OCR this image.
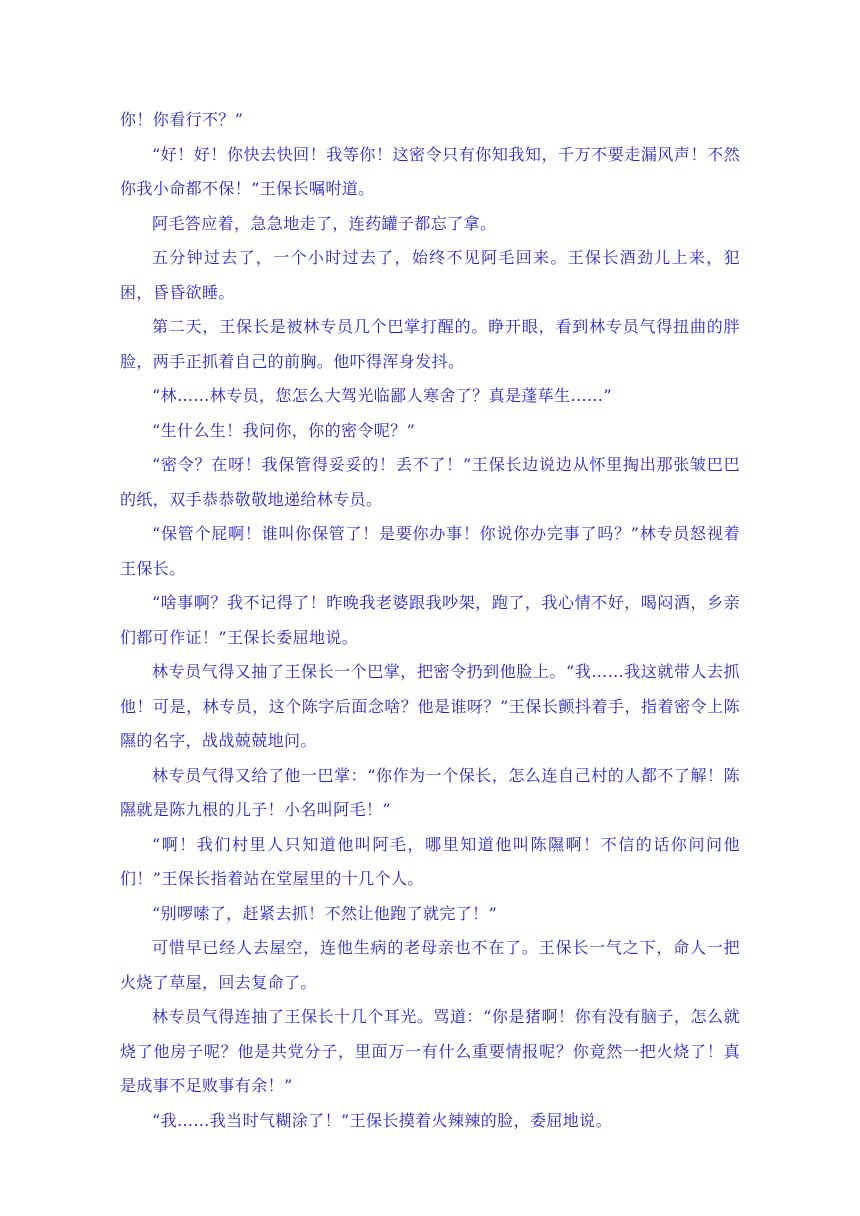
你！你看行不？”

“好！好！你快去快回！我等你！这密令只有你知我知，千万不要走漏风声！不然你我小命都不保！”王保长嘱咐道。

阿毛答应着，急急地走了，连药罐子都忘了拿。

五分钟过去了，一个小时过去了，始终不见阿毛回来。王保长酒劲儿上来，犯困，昏昏欲睡。

第二天，王保长是被林专员几个巴掌打醒的。睁开眼，看到林专员气得扭曲的胖脸，两手正抓着自己的前胸。他吓得浑身发抖。

“林……林专员，您怎么大驾光临鄙人寒舍了？真是蓬荜生……”

“生什么生！我问你，你的密令呢？”

“密令？在呀！我保管得妥妥的！丢不了！”王保长边说边从怀里掏出那张皱巴巴的纸，双手恭恭敬敬地递给林专员。

“保管个屁啊！谁叫你保管了！是要你办事！你说你办完事了吗？”林专员怒视着王保长。

“啥事啊？我不记得了！昨晚我老婆跟我吵架，跑了，我心情不好，喝闷酒，乡亲们都可作证！”王保长委屈地说。

林专员气得又抽了王保长一个巴掌，把密令扔到他脸上。“我……我这就带人去抓他！可是，林专员，这个陈字后面念啥？他是谁呀？”王保长颤抖着手，指着密令上陈隰的名字，战战兢兢地问。

林专员气得又给了他一巴掌：“你作为一个保长，怎么连自己村的人都不了解！陈隰就是陈九根的儿子！小名叫阿毛！”

“啊！我们村里人只知道他叫阿毛，哪里知道他叫陈隰啊！不信的话你问问他们！”王保长指着站在堂屋里的十几个人。

“别啰嗦了，赶紧去抓！不然让他跑了就完了！”

可惜早已经人去屋空，连他生病的老母亲也不在了。王保长一气之下，命人一把火烧了草屋，回去复命了。

林专员气得连抽了王保长十几个耳光。骂道：“你是猪啊！你有没有脑子，怎么就烧了他房子呢？他是共党分子，里面万一有什么重要情报呢？你竟然一把火烧了！真是成事不足败事有余！”

“我……我当时气糊涂了！”王保长摸着火辣辣的脸，委屈地说。
